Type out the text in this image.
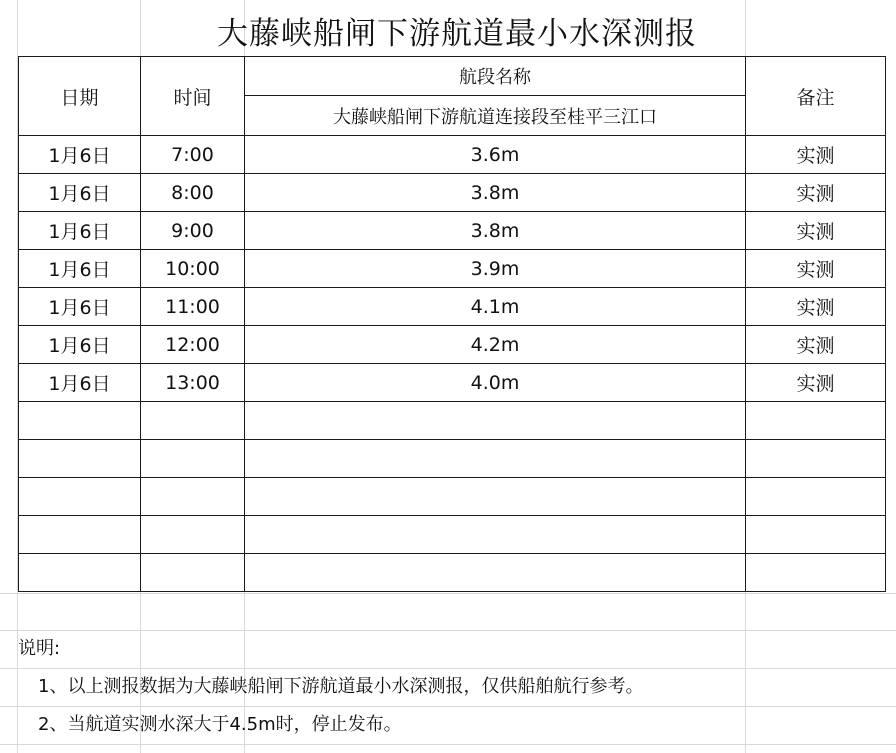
大藤峡船闸下游航道最小水深测报
日期	时间	航段名称	备注
		大藤峡船闸下游航道连接段至桂平三江口	
1月6日	7:00	3.6m	实测
1月6日	8:00	3.8m	实测
1月6日	9:00	3.8m	实测
1月6日	10:00	3.9m	实测
1月6日	11:00	4.1m	实测
1月6日	12:00	4.2m	实测
1月6日	13:00	4.0m	实测

说明:
1、以上测报数据为大藤峡船闸下游航道最小水深测报，仅供船舶航行参考。
2、当航道实测水深大于4.5m时，停止发布。
